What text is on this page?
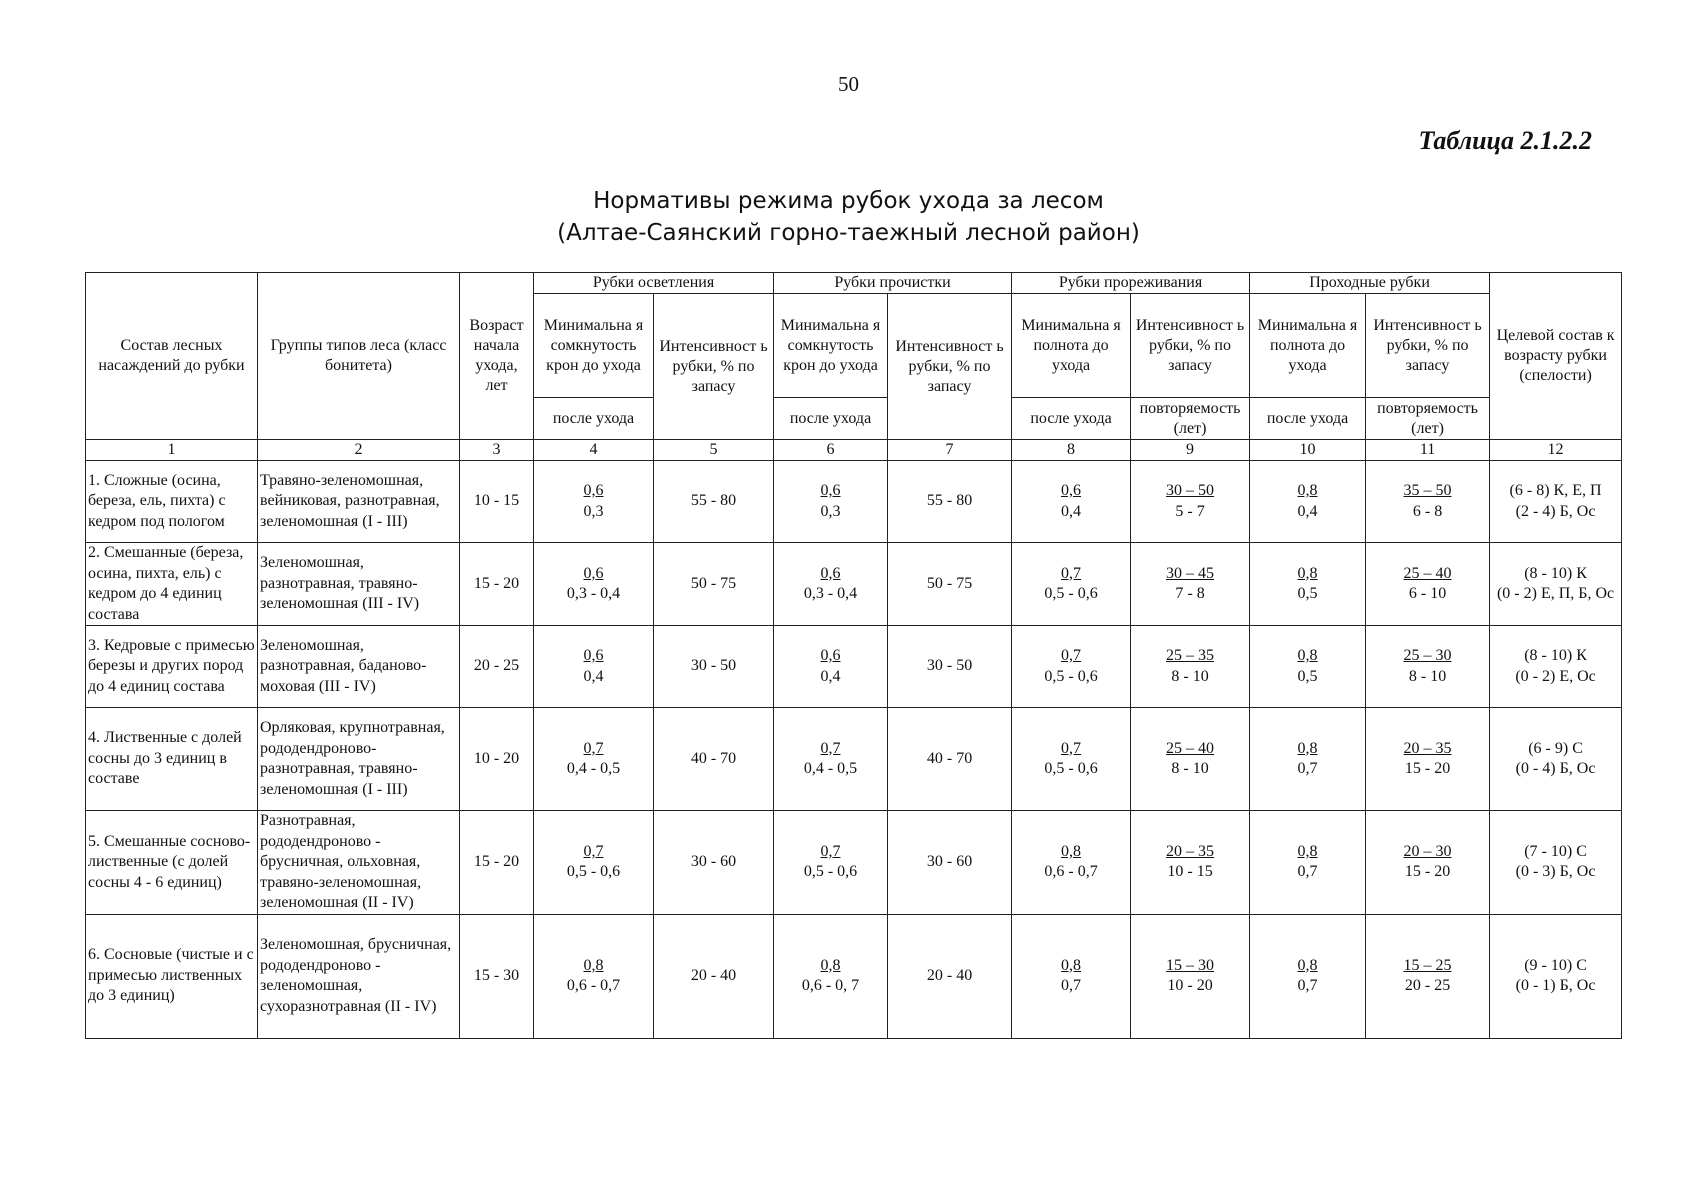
50
Таблица 2.1.2.2
Нормативы режима рубок ухода за лесом
(Алтае-Саянский горно-таежный лесной район)
Состав лесных насаждений до рубки	Группы типов леса (класс бонитета)	Возраст начала ухода, лет	Рубки осветления		Рубки прочистки		Рубки прореживания		Проходные рубки		Целевой состав к возрасту рубки (спелости)
			Минимальна я сомкнутость крон до ухода	Интенсивност ь рубки, % по запасу	Минимальна я сомкнутость крон до ухода	Интенсивност ь рубки, % по запасу	Минимальна я полнота до ухода	Интенсивност ь рубки, % по запасу	Минимальна я полнота до ухода	Интенсивност ь рубки, % по запасу	
			после ухода		после ухода		после ухода	повторяемость (лет)	после ухода	повторяемость (лет)	
1	2	3	4	5	6	7	8	9	10	11	12
1. Сложные (осина, береза, ель, пихта) с кедром под пологом	Травяно-зеленомошная, вейниковая, разнотравная, зеленомошная (I - III)	10 - 15	$\frac{0,6}{0,3}$	55 - 80	$\frac{0,6}{0,3}$	55 - 80	$\frac{0,6}{0,4}$	$\frac{30 - 50}{5 - 7}$	$\frac{0,8}{0,4}$	$\frac{35 - 50}{6 - 8}$	(6 - 8) К, Е, П
(2 - 4) Б, Ос

2. Смешанные (береза, осина, пихта, ель) с кедром до 4 единиц состава	Зеленомошная, разнотравная, травяно-зеленомошная (III - IV)	15 - 20	$\frac{0,6}{0,3 - 0,4}$	50 - 75	$\frac{0,6}{0,3 - 0,4}$	50 - 75	$\frac{0,7}{0,5 - 0,6}$	$\frac{30 - 45}{7 - 8}$	$\frac{0,8}{0,5}$	$\frac{25 - 40}{6 - 10}$	(8 - 10) К
(0 - 2) Е, П, Б, Ос

3. Кедровые с примесью березы и других пород до 4 единиц состава	Зеленомошная, разнотравная, баданово-моховая (III - IV)	20 - 25	$\frac{0,6}{0,4}$	30 - 50	$\frac{0,6}{0,4}$	30 - 50	$\frac{0,7}{0,5 - 0,6}$	$\frac{25 - 35}{8 - 10}$	$\frac{0,8}{0,5}$	$\frac{25 - 30}{8 - 10}$	(8 - 10) К
(0 - 2) Е, Ос

4. Лиственные с долей сосны до 3 единиц в составе	Орляковая, крупнотравная, рододендроново-разнотравная, травяно-зеленомошная (I - III)	10 - 20	$\frac{0,7}{0,4 - 0,5}$	40 - 70	$\frac{0,7}{0,4 - 0,5}$	40 - 70	$\frac{0,7}{0,5 - 0,6}$	$\frac{25 - 40}{8 - 10}$	$\frac{0,8}{0,7}$	$\frac{20 - 35}{15 - 20}$	(6 - 9) С
(0 - 4) Б, Ос

5. Смешанные сосново-лиственные (с долей сосны 4 - 6 единиц)	Разнотравная, рододендроново - брусничная, ольховная, травяно-зеленомошная, зеленомошная (II - IV)	15 - 20	$\frac{0,7}{0,5 - 0,6}$	30 - 60	$\frac{0,7}{0,5 - 0,6}$	30 - 60	$\frac{0,8}{0,6 - 0,7}$	$\frac{20 - 35}{10 - 15}$	$\frac{0,8}{0,7}$	$\frac{20 - 30}{15 - 20}$	(7 - 10) С
(0 - 3) Б, Ос

6. Сосновые (чистые и с примесью лиственных до 3 единиц)	Зеленомошная, брусничная, рододендроново - зеленомошная, сухоразнотравная (II - IV)	15 - 30	$\frac{0,8}{0,6 - 0,7}$	20 - 40	$\frac{0,8}{0,6 - 0, 7}$	20 - 40	$\frac{0,8}{0,7}$	$\frac{15 - 30}{10 - 20}$	$\frac{0,8}{0,7}$	$\frac{15 - 25}{20 - 25}$	(9 - 10) С
(0 - 1) Б, Ос
